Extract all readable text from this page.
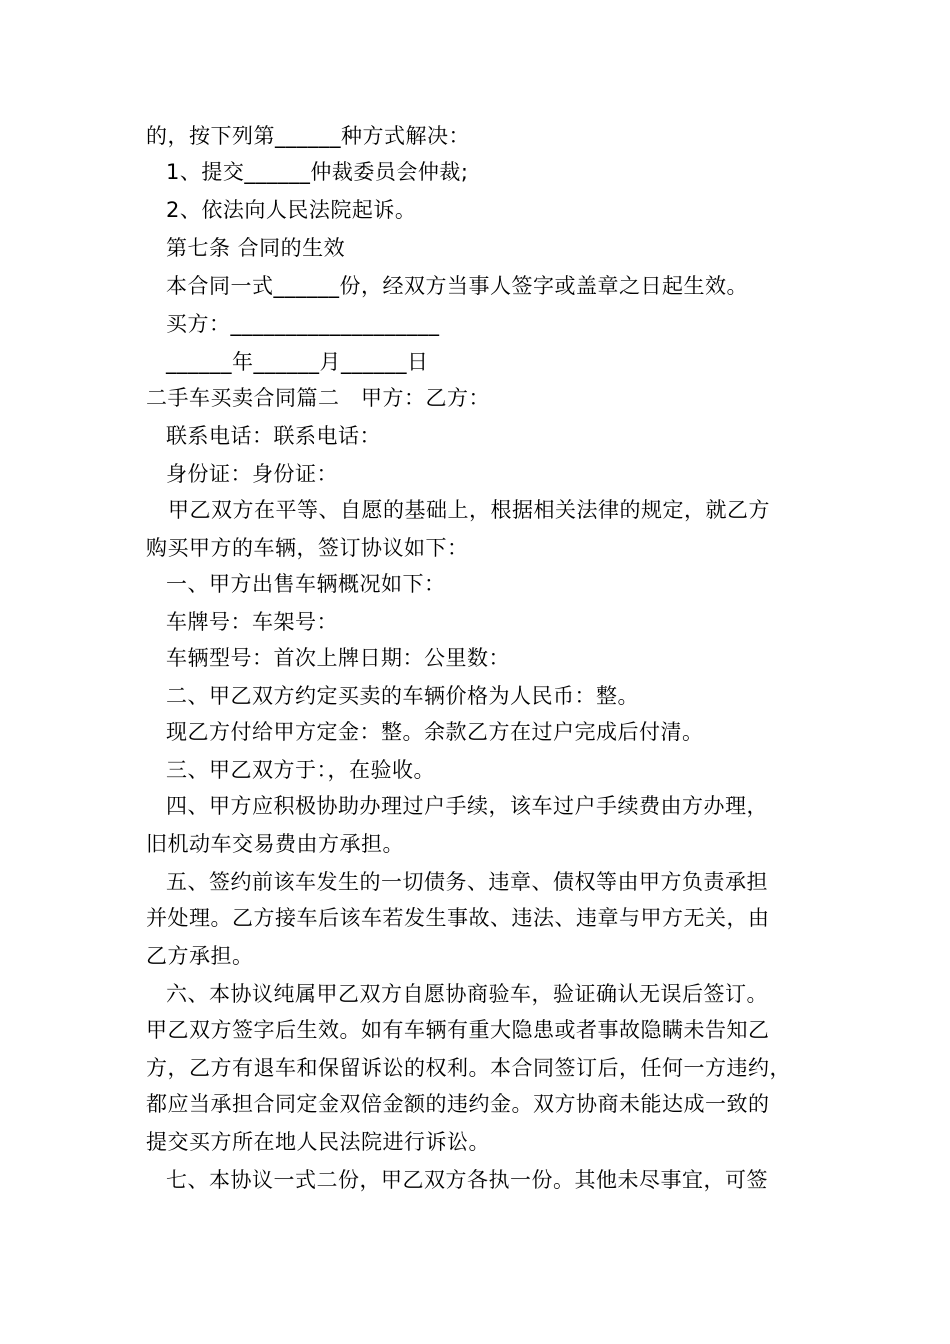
的，按下列第______种方式解决：
1、提交______仲裁委员会仲裁;
2、依法向人民法院起诉。
第七条 合同的生效
本合同一式______份，经双方当事人签字或盖章之日起生效。
买方：___________________
______年______月______日
二手车买卖合同篇二　甲方：乙方：
联系电话：联系电话：
身份证：身份证：
甲乙双方在平等、自愿的基础上，根据相关法律的规定，就乙方
购买甲方的车辆，签订协议如下：
一、甲方出售车辆概况如下：
车牌号：车架号：
车辆型号：首次上牌日期：公里数：
二、甲乙双方约定买卖的车辆价格为人民币：整。
现乙方付给甲方定金：整。余款乙方在过户完成后付清。
三、甲乙双方于：，在验收。
四、甲方应积极协助办理过户手续，该车过户手续费由方办理，
旧机动车交易费由方承担。
五、签约前该车发生的一切债务、违章、债权等由甲方负责承担
并处理。乙方接车后该车若发生事故、违法、违章与甲方无关，由
乙方承担。
六、本协议纯属甲乙双方自愿协商验车，验证确认无误后签订。
甲乙双方签字后生效。如有车辆有重大隐患或者事故隐瞒未告知乙
方，乙方有退车和保留诉讼的权利。本合同签订后，任何一方违约，
都应当承担合同定金双倍金额的违约金。双方协商未能达成一致的
提交买方所在地人民法院进行诉讼。
七、本协议一式二份，甲乙双方各执一份。其他未尽事宜，可签
